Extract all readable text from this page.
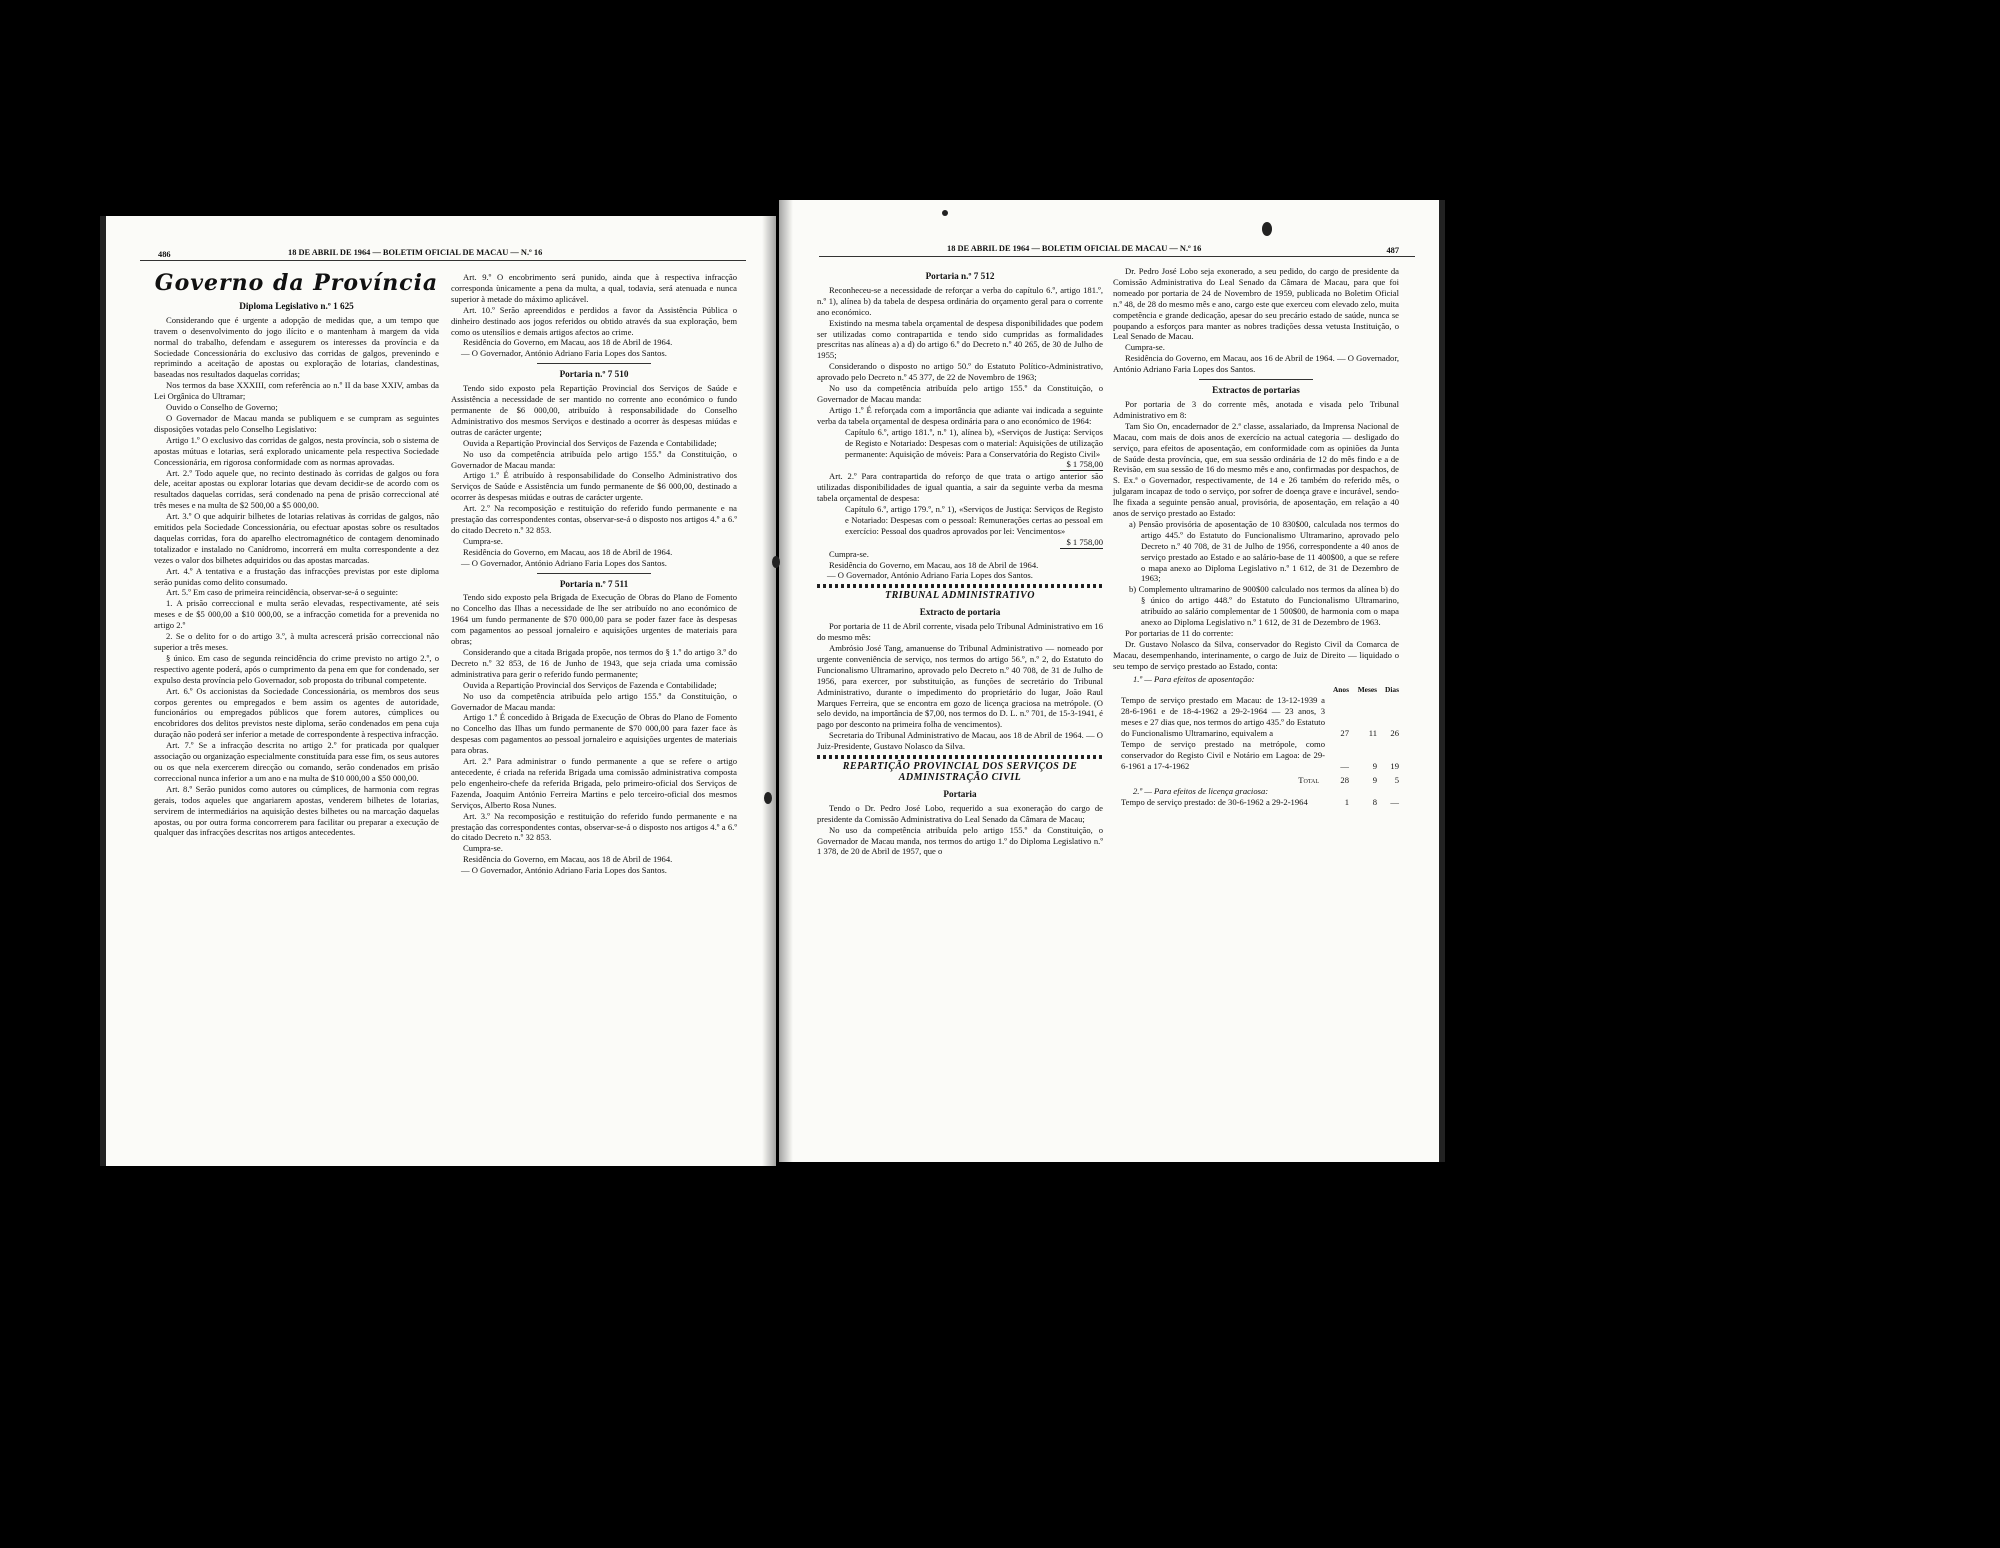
486	18 DE ABRIL DE 1964 — BOLETIM OFICIAL DE MACAU — N.º 16
Governo da Província
Diploma Legislativo n.º 1 625

Considerando que é urgente a adopção de medidas que, a um tempo que travem o desenvolvimento do jogo ilícito e o mantenham à margem da vida normal do trabalho, defendam e assegurem os interesses da província e da Sociedade Concessionária do exclusivo das corridas de galgos, prevenindo e reprimindo a aceitação de apostas ou exploração de lotarias, clandestinas, baseadas nos resultados daquelas corridas;

Nos termos da base XXXIII, com referência ao n.º II da base XXIV, ambas da Lei Orgânica do Ultramar;

Ouvido o Conselho de Governo;

O Governador de Macau manda se publiquem e se cumpram as seguintes disposições votadas pelo Conselho Legislativo:

Artigo 1.º O exclusivo das corridas de galgos, nesta província, sob o sistema de apostas mútuas e lotarias, será explorado unicamente pela respectiva Sociedade Concessionária, em rigorosa conformidade com as normas aprovadas.

Art. 2.º Todo aquele que, no recinto destinado às corridas de galgos ou fora dele, aceitar apostas ou explorar lotarias que devam decidir-se de acordo com os resultados daquelas corridas, será condenado na pena de prisão correccional até três meses e na multa de $2 500,00 a $5 000,00.

Art. 3.º O que adquirir bilhetes de lotarias relativas às corridas de galgos, não emitidos pela Sociedade Concessionária, ou efectuar apostas sobre os resultados daquelas corridas, fora do aparelho electromagnético de contagem denominado totalizador e instalado no Canídromo, incorrerá em multa correspondente a dez vezes o valor dos bilhetes adquiridos ou das apostas marcadas.

Art. 4.º A tentativa e a frustação das infracções previstas por este diploma serão punidas como delito consumado.

Art. 5.º Em caso de primeira reincidência, observar-se-á o seguinte:

1. A prisão correccional e multa serão elevadas, respectivamente, até seis meses e de $5 000,00 a $10 000,00, se a infracção cometida for a prevenida no artigo 2.º

2. Se o delito for o do artigo 3.º, à multa acrescerá prisão correccional não superior a três meses.

§ único. Em caso de segunda reincidência do crime previsto no artigo 2.º, o respectivo agente poderá, após o cumprimento da pena em que for condenado, ser expulso desta província pelo Governador, sob proposta do tribunal competente.

Art. 6.º Os accionistas da Sociedade Concessionária, os membros dos seus corpos gerentes ou empregados e bem assim os agentes de autoridade, funcionários ou empregados públicos que forem autores, cúmplices ou encobridores dos delitos previstos neste diploma, serão condenados em pena cuja duração não poderá ser inferior a metade de correspondente à respectiva infracção.

Art. 7.º Se a infracção descrita no artigo 2.º for praticada por qualquer associação ou organização especialmente constituída para esse fim, os seus autores ou os que nela exercerem direcção ou comando, serão condenados em prisão correccional nunca inferior a um ano e na multa de $10 000,00 a $50 000,00.

Art. 8.º Serão punidos como autores ou cúmplices, de harmonia com regras gerais, todos aqueles que angariarem apostas, venderem bilhetes de lotarias, servirem de intermediários na aquisição destes bilhetes ou na marcação daquelas apostas, ou por outra forma concorrerem para facilitar ou preparar a execução de qualquer das infracções descritas nos artigos antecedentes.

Art. 9.º O encobrimento será punido, ainda que à respectiva infracção corresponda ùnicamente a pena da multa, a qual, todavia, será atenuada e nunca superior à metade do máximo aplicável.

Art. 10.º Serão apreendidos e perdidos a favor da Assistência Pública o dinheiro destinado aos jogos referidos ou obtido através da sua exploração, bem como os utensílios e demais artigos afectos ao crime.

Residência do Governo, em Macau, aos 18 de Abril de 1964.

— O Governador, António Adriano Faria Lopes dos Santos.

Portaria n.º 7 510

Tendo sido exposto pela Repartição Provincial dos Serviços de Saúde e Assistência a necessidade de ser mantido no corrente ano económico o fundo permanente de $6 000,00, atribuído à responsabilidade do Conselho Administrativo dos mesmos Serviços e destinado a ocorrer às despesas miúdas e outras de carácter urgente;

Ouvida a Repartição Provincial dos Serviços de Fazenda e Contabilidade;

No uso da competência atribuída pelo artigo 155.º da Constituição, o Governador de Macau manda:

Artigo 1.º É atribuído à responsabilidade do Conselho Administrativo dos Serviços de Saúde e Assistência um fundo permanente de $6 000,00, destinado a ocorrer às despesas miúdas e outras de carácter urgente.

Art. 2.º Na recomposição e restituição do referido fundo permanente e na prestação das correspondentes contas, observar-se-á o disposto nos artigos 4.º a 6.º do citado Decreto n.º 32 853.

Cumpra-se.

Residência do Governo, em Macau, aos 18 de Abril de 1964.

— O Governador, António Adriano Faria Lopes dos Santos.

Portaria n.º 7 511

Tendo sido exposto pela Brigada de Execução de Obras do Plano de Fomento no Concelho das Ilhas a necessidade de lhe ser atribuído no ano económico de 1964 um fundo permanente de $70 000,00 para se poder fazer face às despesas com pagamentos ao pessoal jornaleiro e aquisições urgentes de materiais para obras;

Considerando que a citada Brigada propõe, nos termos do § 1.º do artigo 3.º do Decreto n.º 32 853, de 16 de Junho de 1943, que seja criada uma comissão administrativa para gerir o referido fundo permanente;

Ouvida a Repartição Provincial dos Serviços de Fazenda e Contabilidade;

No uso da competência atribuída pelo artigo 155.º da Constituição, o Governador de Macau manda:

Artigo 1.º É concedido à Brigada de Execução de Obras do Plano de Fomento no Concelho das Ilhas um fundo permanente de $70 000,00 para fazer face às despesas com pagamentos ao pessoal jornaleiro e aquisições urgentes de materiais para obras.

Art. 2.º Para administrar o fundo permanente a que se refere o artigo antecedente, é criada na referida Brigada uma comissão administrativa composta pelo engenheiro-chefe da referida Brigada, pelo primeiro-oficial dos Serviços de Fazenda, Joaquim António Ferreira Martins e pelo terceiro-oficial dos mesmos Serviços, Alberto Rosa Nunes.

Art. 3.º Na recomposição e restituição do referido fundo permanente e na prestação das correspondentes contas, observar-se-á o disposto nos artigos 4.º a 6.º do citado Decreto n.º 32 853.

Cumpra-se.

Residência do Governo, em Macau, aos 18 de Abril de 1964.

— O Governador, António Adriano Faria Lopes dos Santos.

18 DE ABRIL DE 1964 — BOLETIM OFICIAL DE MACAU — N.º 16	487
Portaria n.º 7 512

Reconheceu-se a necessidade de reforçar a verba do capítulo 6.º, artigo 181.º, n.º 1), alínea b) da tabela de despesa ordinária do orçamento geral para o corrente ano económico.

Existindo na mesma tabela orçamental de despesa disponibilidades que podem ser utilizadas como contrapartida e tendo sido cumpridas as formalidades prescritas nas alíneas a) a d) do artigo 6.º do Decreto n.º 40 265, de 30 de Julho de 1955;

Considerando o disposto no artigo 50.º do Estatuto Político-Administrativo, aprovado pelo Decreto n.º 45 377, de 22 de Novembro de 1963;

No uso da competência atribuída pelo artigo 155.º da Constituição, o Governador de Macau manda:

Artigo 1.º É reforçada com a importância que adiante vai indicada a seguinte verba da tabela orçamental de despesa ordinária para o ano económico de 1964:

Capítulo 6.º, artigo 181.º, n.º 1), alínea b), «Serviços de Justiça: Serviços de Registo e Notariado: Despesas com o material: Aquisições de utilização permanente: Aquisição de móveis: Para a Conservatória do Registo Civil»

$ 1 758,00

Art. 2.º Para contrapartida do reforço de que trata o artigo anterior são utilizadas disponibilidades de igual quantia, a sair da seguinte verba da mesma tabela orçamental de despesa:

Capítulo 6.º, artigo 179.º, n.º 1), «Serviços de Justiça: Serviços de Registo e Notariado: Despesas com o pessoal: Remunerações certas ao pessoal em exercício: Pessoal dos quadros aprovados por lei: Vencimentos»

$ 1 758,00

Cumpra-se.

Residência do Governo, em Macau, aos 18 de Abril de 1964.

— O Governador, António Adriano Faria Lopes dos Santos.

TRIBUNAL ADMINISTRATIVO
Extracto de portaria

Por portaria de 11 de Abril corrente, visada pelo Tribunal Administrativo em 16 do mesmo mês:

Ambrósio José Tang, amanuense do Tribunal Administrativo — nomeado por urgente conveniência de serviço, nos termos do artigo 56.º, n.º 2, do Estatuto do Funcionalismo Ultramarino, aprovado pelo Decreto n.º 40 708, de 31 de Julho de 1956, para exercer, por substituição, as funções de secretário do Tribunal Administrativo, durante o impedimento do proprietário do lugar, João Raul Marques Ferreira, que se encontra em gozo de licença graciosa na metrópole. (O selo devido, na importância de $7,00, nos termos do D. L. n.º 701, de 15-3-1941, é pago por desconto na primeira folha de vencimentos).

Secretaria do Tribunal Administrativo de Macau, aos 18 de Abril de 1964. — O Juiz-Presidente, Gustavo Nolasco da Silva.

REPARTIÇÃO PROVINCIAL DOS SERVIÇOS DE ADMINISTRAÇÃO CIVIL
Portaria

Tendo o Dr. Pedro José Lobo, requerido a sua exoneração do cargo de presidente da Comissão Administrativa do Leal Senado da Câmara de Macau;

No uso da competência atribuída pelo artigo 155.º da Constituição, o Governador de Macau manda, nos termos do artigo 1.º do Diploma Legislativo n.º 1 378, de 20 de Abril de 1957, que o

Dr. Pedro José Lobo seja exonerado, a seu pedido, do cargo de presidente da Comissão Administrativa do Leal Senado da Câmara de Macau, para que foi nomeado por portaria de 24 de Novembro de 1959, publicada no Boletim Oficial n.º 48, de 28 do mesmo mês e ano, cargo este que exerceu com elevado zelo, muita competência e grande dedicação, apesar do seu precário estado de saúde, nunca se poupando a esforços para manter as nobres tradições dessa vetusta Instituição, o Leal Senado de Macau.

Cumpra-se.

Residência do Governo, em Macau, aos 16 de Abril de 1964. — O Governador, António Adriano Faria Lopes dos Santos.

Extractos de portarias

Por portaria de 3 do corrente mês, anotada e visada pelo Tribunal Administrativo em 8:

Tam Sio On, encadernador de 2.ª classe, assalariado, da Imprensa Nacional de Macau, com mais de dois anos de exercício na actual categoria — desligado do serviço, para efeitos de aposentação, em conformidade com as opiniões da Junta de Saúde desta província, que, em sua sessão ordinária de 12 do mês findo e a de Revisão, em sua sessão de 16 do mesmo mês e ano, confirmadas por despachos, de S. Ex.ª o Governador, respectivamente, de 14 e 26 também do referido mês, o julgaram incapaz de todo o serviço, por sofrer de doença grave e incurável, sendo-lhe fixada a seguinte pensão anual, provisória, de aposentação, em relação a 40 anos de serviço prestado ao Estado:

a) Pensão provisória de aposentação de 10 830$00, calculada nos termos do artigo 445.º do Estatuto do Funcionalismo Ultramarino, aprovado pelo Decreto n.º 40 708, de 31 de Julho de 1956, correspondente a 40 anos de serviço prestado ao Estado e ao salário-base de 11 400$00, a que se refere o mapa anexo ao Diploma Legislativo n.º 1 612, de 31 de Dezembro de 1963;

b) Complemento ultramarino de 900$00 calculado nos termos da alínea b) do § único do artigo 448.º do Estatuto do Funcionalismo Ultramarino, atribuído ao salário complementar de 1 500$00, de harmonia com o mapa anexo ao Diploma Legislativo n.º 1 612, de 31 de Dezembro de 1963.

Por portarias de 11 do corrente:

Dr. Gustavo Nolasco da Silva, conservador do Registo Civil da Comarca de Macau, desempenhando, interinamente, o cargo de Juiz de Direito — liquidado o seu tempo de serviço prestado ao Estado, conta:

1.º — Para efeitos de aposentação:

Anos	Meses	Dias
Tempo de serviço prestado em Macau: de 13-12-1939 a 28-6-1961 e de 18-4-1962 a 29-2-1964 — 23 anos, 3 meses e 27 dias que, nos termos do artigo 435.º do Estatuto do Funcionalismo Ultramarino, equivalem a	27	11	26
Tempo de serviço prestado na metrópole, como conservador do Registo Civil e Notário em Lagoa: de 29-6-1961 a 17-4-1962	—	9	19
Total	28	9	5

2.º — Para efeitos de licença graciosa:

Tempo de serviço prestado: de 30-6-1962 a 29-2-1964	1	8	—
